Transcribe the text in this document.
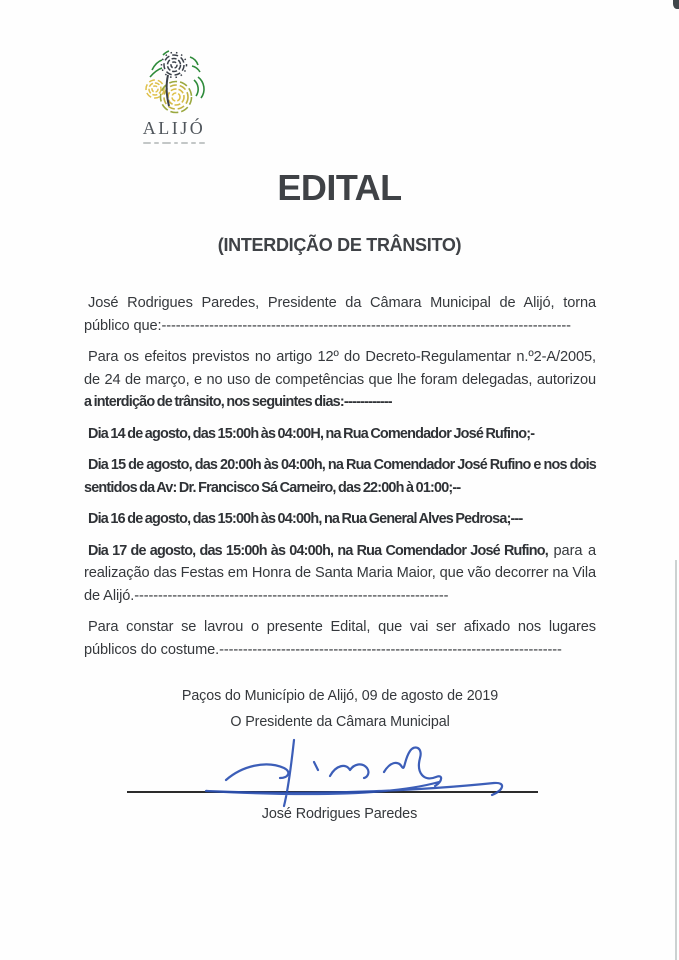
ALIJÓ
EDITAL
(INTERDIÇÃO DE TRÂNSITO)

José Rodrigues Paredes, Presidente da Câmara Municipal de Alijó, torna público que:--------------------------------------------------------------------------------------

Para os efeitos previstos no artigo 12º do Decreto-Regulamentar n.º2-A/2005, de 24 de março, e no uso de competências que lhe foram delegadas, autorizou a interdição de trânsito, nos seguintes dias:------------

Dia 14 de agosto, das 15:00h às 04:00H, na Rua Comendador José Rufino;-

Dia 15 de agosto, das 20:00h às 04:00h, na Rua Comendador José Rufino e nos dois sentidos da Av: Dr. Francisco Sá Carneiro, das 22:00h à 01:00;--

Dia 16 de agosto, das 15:00h às 04:00h, na Rua General Alves Pedrosa;---

Dia 17 de agosto, das 15:00h às 04:00h, na Rua Comendador José Rufino, para a realização das Festas em Honra de Santa Maria Maior, que vão decorrer na Vila de Alijó.------------------------------------------------------------------

Para constar se lavrou o presente Edital, que vai ser afixado nos lugares públicos do costume.------------------------------------------------------------------------

Paços do Município de Alijó, 09 de agosto de 2019
O Presidente da Câmara Municipal
José Rodrigues Paredes
